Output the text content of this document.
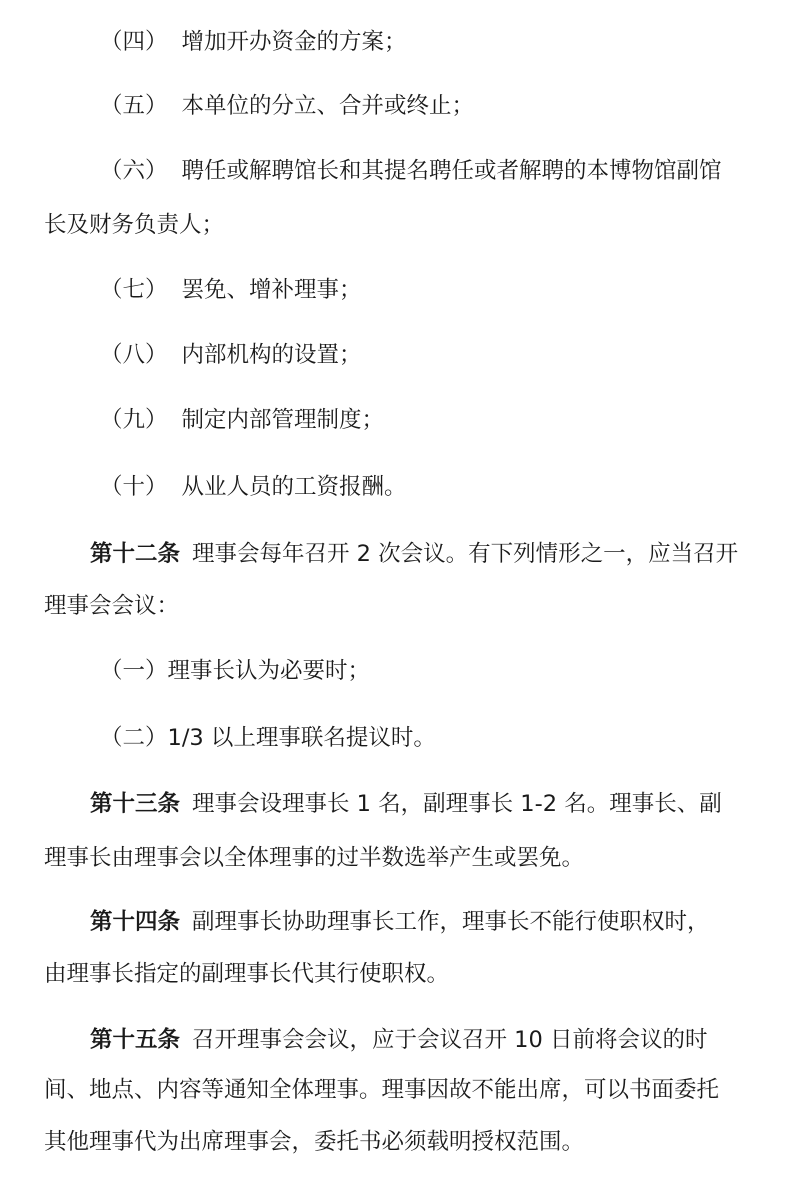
（四） 增加开办资金的方案；
（五） 本单位的分立、合并或终止；
（六） 聘任或解聘馆长和其提名聘任或者解聘的本博物馆副馆
长及财务负责人；
（七） 罢免、增补理事；
（八） 内部机构的设置；
（九） 制定内部管理制度；
（十） 从业人员的工资报酬。
第十二条 理事会每年召开 2 次会议。有下列情形之一，应当召开
理事会会议：
（一）理事长认为必要时；
（二）1/3 以上理事联名提议时。
第十三条 理事会设理事长 1 名，副理事长 1-2 名。理事长、副
理事长由理事会以全体理事的过半数选举产生或罢免。
第十四条 副理事长协助理事长工作，理事长不能行使职权时，
由理事长指定的副理事长代其行使职权。
第十五条 召开理事会会议，应于会议召开 10 日前将会议的时
间、地点、内容等通知全体理事。理事因故不能出席，可以书面委托
其他理事代为出席理事会，委托书必须载明授权范围。
